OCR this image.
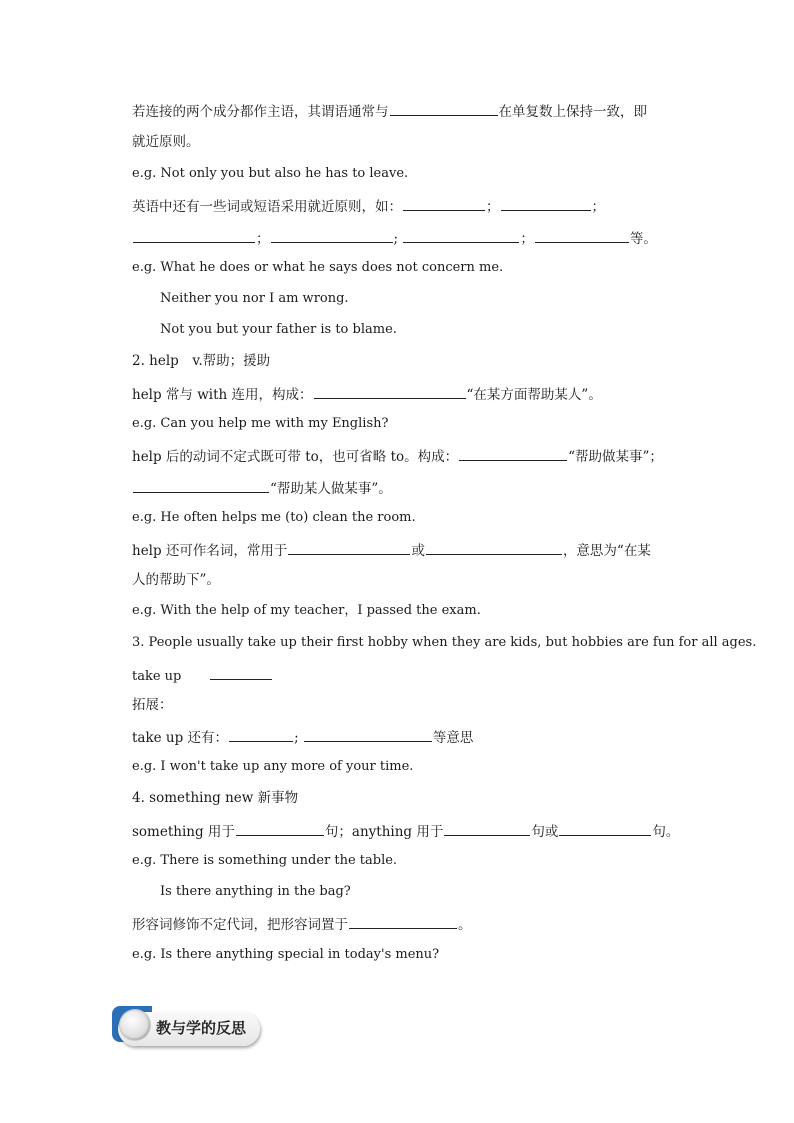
若连接的两个成分都作主语，其谓语通常与	在单复数上保持一致，即
就近原则。
e.g. Not only you but also he has to leave.
英语中还有一些词或短语采用就近原则，如：	；	；
；	;	；	等。
e.g. What he does or what he says does not concern me.
Neither you nor I am wrong.
Not you but your father is to blame.
2. help　v.帮助；援助
help 常与 with 连用，构成：	“在某方面帮助某人”。
e.g. Can you help me with my English?
help 后的动词不定式既可带 to，也可省略 to。构成：	“帮助做某事”；
“帮助某人做某事”。
e.g. He often helps me (to) clean the room.
help 还可作名词，常用于	或	，意思为“在某
人的帮助下”。
e.g. With the help of my teacher，I passed the exam.
3. People usually take up their first hobby when they are kids, but hobbies are fun for all ages.
take up
拓展：
take up 还有：	;	等意思
e.g. I won't take up any more of your time.
4. something new 新事物
something 用于	句；anything 用于	句或	句。
e.g. There is something under the table.
Is there anything in the bag?
形容词修饰不定代词，把形容词置于	。
e.g. Is there anything special in today's menu?
教与学的反思
